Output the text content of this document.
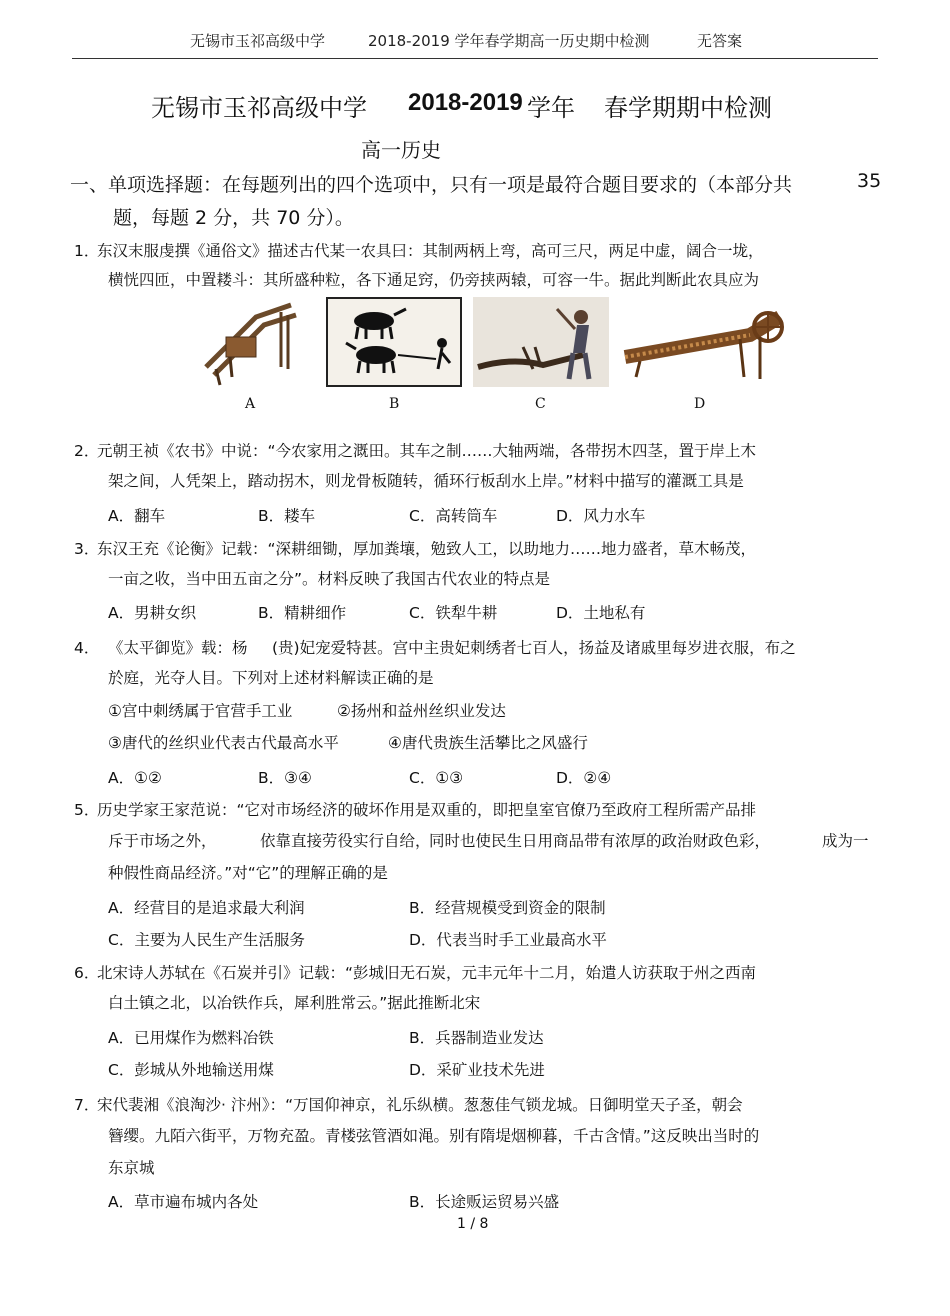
无锡市玉祁高级中学	2018-2019 学年春学期高一历史期中检测	无答案
无锡市玉祁高级中学 2018-2019 学年 春学期期中检测
高一历史
一、单项选择题：在每题列出的四个选项中，只有一项是最符合题目要求的（本部分共	35
题，每题 2 分，共 70 分）。
1．
东汉末服虔撰《通俗文》描述古代某一农具曰：其制两柄上弯，高可三尺，两足中虚，阔合一垅，
横恍四匝，中置耧斗：其所盛种粒，各下通足窍，仍旁挟两辕，可容一牛。据此判断此农具应为
A	B	C	D
2．
元朝王祯《农书》中说：“今农家用之溉田。其车之制……大轴两端，各带拐木四茎，置于岸上木
架之间，人凭架上，踏动拐木，则龙骨板随转，循环行板刮水上岸。”材料中描写的灌溉工具是
A．翻车	B．耧车	C．高转筒车	D．风力水车
3．
东汉王充《论衡》记载：“深耕细锄，厚加粪壤，勉致人工，以助地力……地力盛者，草木畅茂，
一亩之收，当中田五亩之分”。材料反映了我国古代农业的特点是
A．男耕女织	B．精耕细作	C．铁犁牛耕	D．土地私有
4． 《太平御览》载：杨 (贵)妃宠爱特甚。宫中主贵妃刺绣者七百人，扬益及诸戚里每岁进衣服，布之
於庭，光夺人目。下列对上述材料解读正确的是
①宫中刺绣属于官营手工业	②扬州和益州丝织业发达
③唐代的丝织业代表古代最高水平	④唐代贵族生活攀比之风盛行
A．①②	B．③④	C．①③	D．②④
5．
历史学家王家范说：“它对市场经济的破坏作用是双重的，即把皇室官僚乃至政府工程所需产品排
斥于市场之外，	依靠直接劳役实行自给，
同时也使民生日用商品带有浓厚的政治财政色彩，	成为一
种假性商品经济。”对“它”的理解正确的是
A．经营目的是追求最大利润	B．经营规模受到资金的限制
C．主要为人民生产生活服务	D．代表当时手工业最高水平
6．
北宋诗人苏轼在《石炭并引》记载：“彭城旧无石炭，元丰元年十二月，始遣人访获取于州之西南
白土镇之北，以冶铁作兵，犀利胜常云。”据此推断北宋
A．已用煤作为燃料冶铁	B．兵器制造业发达
C．彭城从外地输送用煤	D．采矿业技术先进
7．
宋代裴湘《浪淘沙· 汴州》：“万国仰神京，礼乐纵横。葱葱佳气锁龙城。日御明堂天子圣，朝会
簪缨。九陌六街平，万物充盈。青楼弦管酒如渑。别有隋堤烟柳暮，千古含情。”这反映出当时的
东京城
A．草市遍布城内各处	B．长途贩运贸易兴盛
1 / 8
